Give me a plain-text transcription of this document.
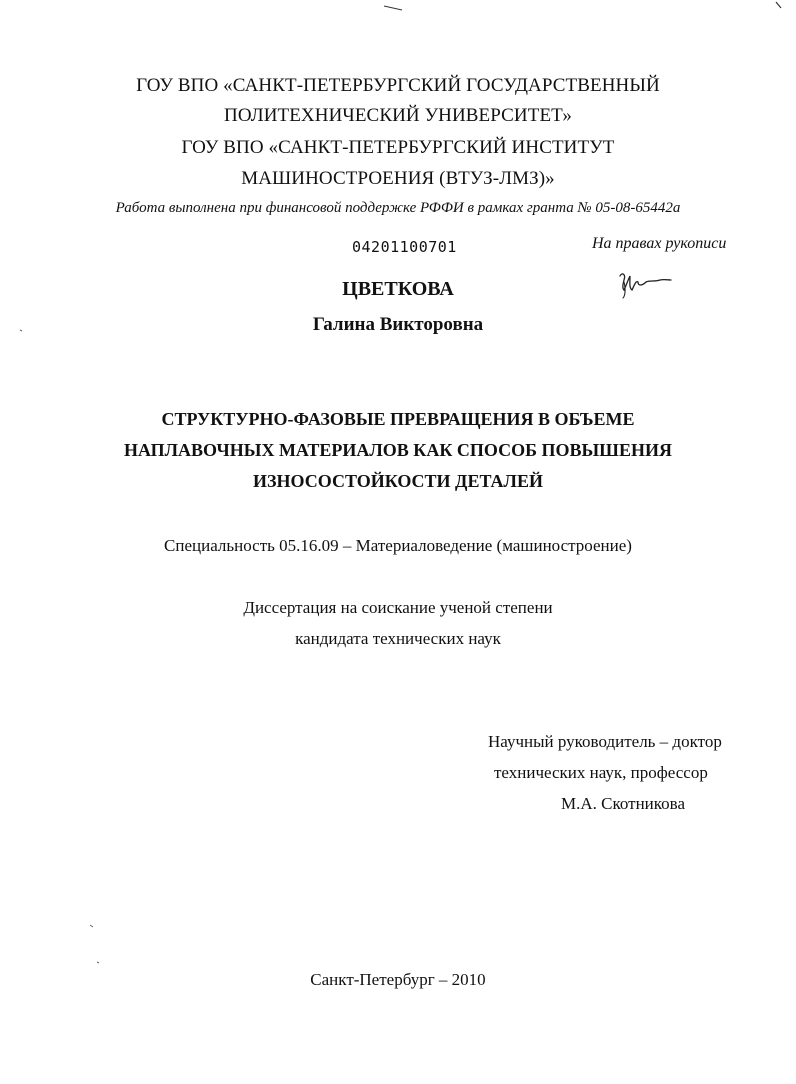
ГОУ ВПО «САНКТ-ПЕТЕРБУРГСКИЙ ГОСУДАРСТВЕННЫЙ
ПОЛИТЕХНИЧЕСКИЙ УНИВЕРСИТЕТ»
ГОУ ВПО «САНКТ-ПЕТЕРБУРГСКИЙ ИНСТИТУТ
МАШИНОСТРОЕНИЯ (ВТУЗ-ЛМЗ)»
Работа выполнена при финансовой поддержке РФФИ в рамках гранта № 05-08-65442а
04201100701	На правах рукописи
ЦВЕТКОВА
Галина Викторовна
СТРУКТУРНО-ФАЗОВЫЕ ПРЕВРАЩЕНИЯ В ОБЪЕМЕ
НАПЛАВОЧНЫХ МАТЕРИАЛОВ КАК СПОСОБ ПОВЫШЕНИЯ
ИЗНОСОСТОЙКОСТИ ДЕТАЛЕЙ
Специальность 05.16.09 – Материаловедение (машиностроение)
Диссертация на соискание ученой степени
кандидата технических наук
Научный руководитель – доктор
технических наук, профессор
М.А. Скотникова
Санкт-Петербург – 2010
